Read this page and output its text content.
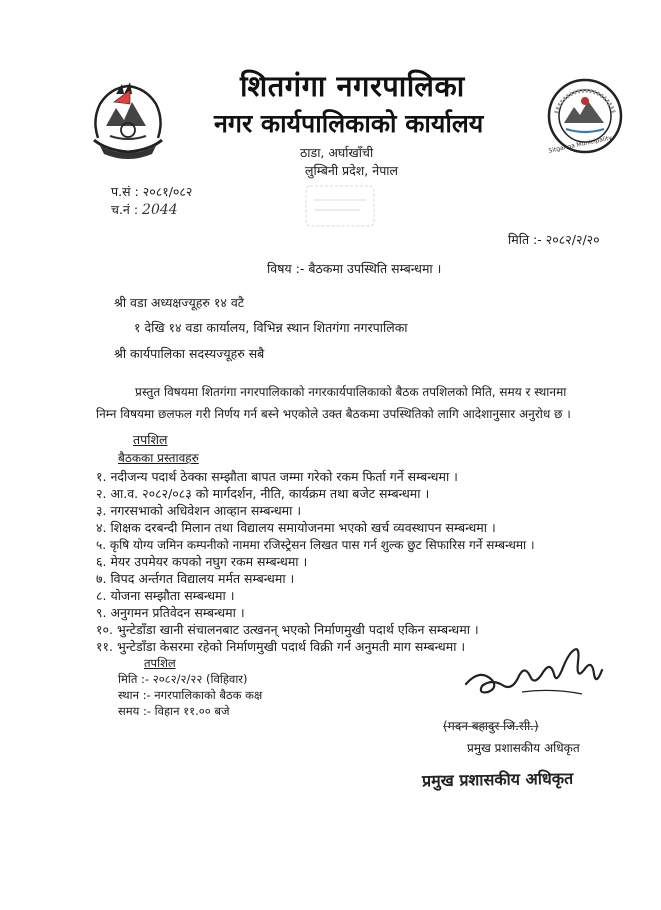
Sitganga Municipality
शितगंगा नगरपालिका
नगर कार्यपालिकाको कार्यालय
ठाडा, अर्घाखाँची
लुम्बिनी प्रदेश, नेपाल
प.सं : २०८१/०८२
च.नं : 2044
मिति :- २०८२/२/२०
विषय :- बैठकमा उपस्थिति सम्बन्धमा ।
श्री वडा अध्यक्षज्यूहरु १४ वटै
१ देखि १४ वडा कार्यालय, विभिन्न स्थान शितगंगा नगरपालिका
श्री कार्यपालिका सदस्यज्यूहरु सबै
प्रस्तुत विषयमा शितगंगा नगरपालिकाको नगरकार्यपालिकाको बैठक तपशिलको मिति, समय र स्थानमा
निम्न विषयमा छलफल गरी निर्णय गर्न बस्ने भएकोले उक्त बैठकमा उपस्थितिको लागि आदेशानुसार अनुरोध छ ।
तपशिल
बैठकका प्रस्तावहरु
१. नदीजन्य पदार्थ ठेक्का सम्झौता बापत जम्मा गरेको रकम फिर्ता गर्ने सम्बन्धमा ।
२. आ.व. २०८२/०८३ को मार्गदर्शन, नीति, कार्यक्रम तथा बजेट सम्बन्धमा ।
३. नगरसभाको अधिवेशन आव्हान सम्बन्धमा ।
४. शिक्षक दरबन्दी मिलान तथा विद्यालय समायोजनमा भएको खर्च व्यवस्थापन सम्बन्धमा ।
५. कृषि योग्य जमिन कम्पनीको नाममा रजिस्ट्रेसन लिखत पास गर्न शुल्क छुट सिफारिस गर्ने सम्बन्धमा ।
६. मेयर उपमेयर कपको नघुग रकम सम्बन्धमा ।
७. विपद अर्न्तगत विद्यालय मर्मत सम्बन्धमा ।
८. योजना सम्झौता सम्बन्धमा ।
९. अनुगमन प्रतिवेदन सम्बन्धमा ।
१०. भुन्टेडाँडा खानी संचालनबाट उत्खनन् भएको निर्माणमुखी पदार्थ एकिन सम्बन्धमा ।
११. भुन्टेडाँडा केसरमा रहेको निर्माणमुखी पदार्थ विक्री गर्न अनुमती माग सम्बन्धमा ।
तपशिल
मिति :- २०८२/२/२२ (विहिवार)
स्थान :- नगरपालिकाको बैठक कक्ष
समय :- विहान ११.०० बजे
(मदन बहादुर जि.सी.)
प्रमुख प्रशासकीय अधिकृत
प्रमुख प्रशासकीय अधिकृत
